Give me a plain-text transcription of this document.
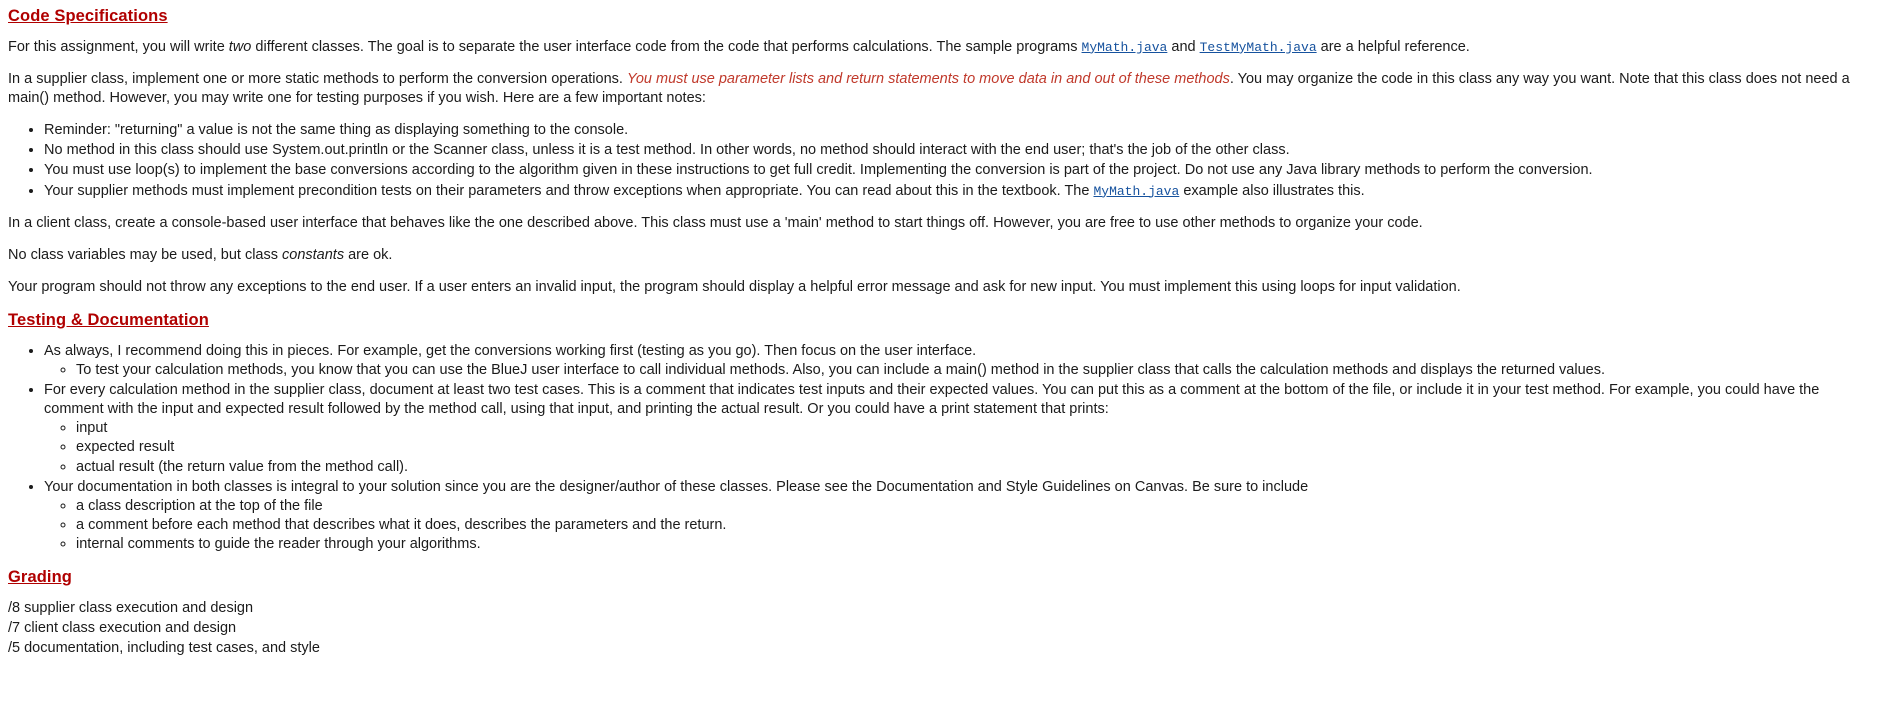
Code Specifications

For this assignment, you will write two different classes. The goal is to separate the user interface code from the code that performs calculations. The sample programs MyMath.java and TestMyMath.java are a helpful reference.

In a supplier class, implement one or more static methods to perform the conversion operations. You must use parameter lists and return statements to move data in and out of these methods. You may organize the code in this class any way you want. Note that this class does not need a main() method. However, you may write one for testing purposes if you wish. Here are a few important notes:

• Reminder: "returning" a value is not the same thing as displaying something to the console.
• No method in this class should use System.out.println or the Scanner class, unless it is a test method. In other words, no method should interact with the end user; that's the job of the other class.
• You must use loop(s) to implement the base conversions according to the algorithm given in these instructions to get full credit. Implementing the conversion is part of the project. Do not use any Java library methods to perform the conversion.
• Your supplier methods must implement precondition tests on their parameters and throw exceptions when appropriate. You can read about this in the textbook. The MyMath.java example also illustrates this.

In a client class, create a console-based user interface that behaves like the one described above. This class must use a 'main' method to start things off. However, you are free to use other methods to organize your code.

No class variables may be used, but class constants are ok.

Your program should not throw any exceptions to the end user. If a user enters an invalid input, the program should display a helpful error message and ask for new input. You must implement this using loops for input validation.

Testing & Documentation
• As always, I recommend doing this in pieces. For example, get the conversions working first (testing as you go). Then focus on the user interface.
◦ To test your calculation methods, you know that you can use the BlueJ user interface to call individual methods. Also, you can include a main() method in the supplier class that calls the calculation methods and displays the returned values.
• For every calculation method in the supplier class, document at least two test cases. This is a comment that indicates test inputs and their expected values. You can put this as a comment at the bottom of the file, or include it in your test method. For example, you could have the comment with the input and expected result followed by the method call, using that input, and printing the actual result. Or you could have a print statement that prints:
◦ input
◦ expected result
◦ actual result (the return value from the method call).
• Your documentation in both classes is integral to your solution since you are the designer/author of these classes. Please see the Documentation and Style Guidelines on Canvas. Be sure to include
◦ a class description at the top of the file
◦ a comment before each method that describes what it does, describes the parameters and the return.
◦ internal comments to guide the reader through your algorithms.
Grading

/8 supplier class execution and design

/7 client class execution and design

/5 documentation, including test cases, and style
